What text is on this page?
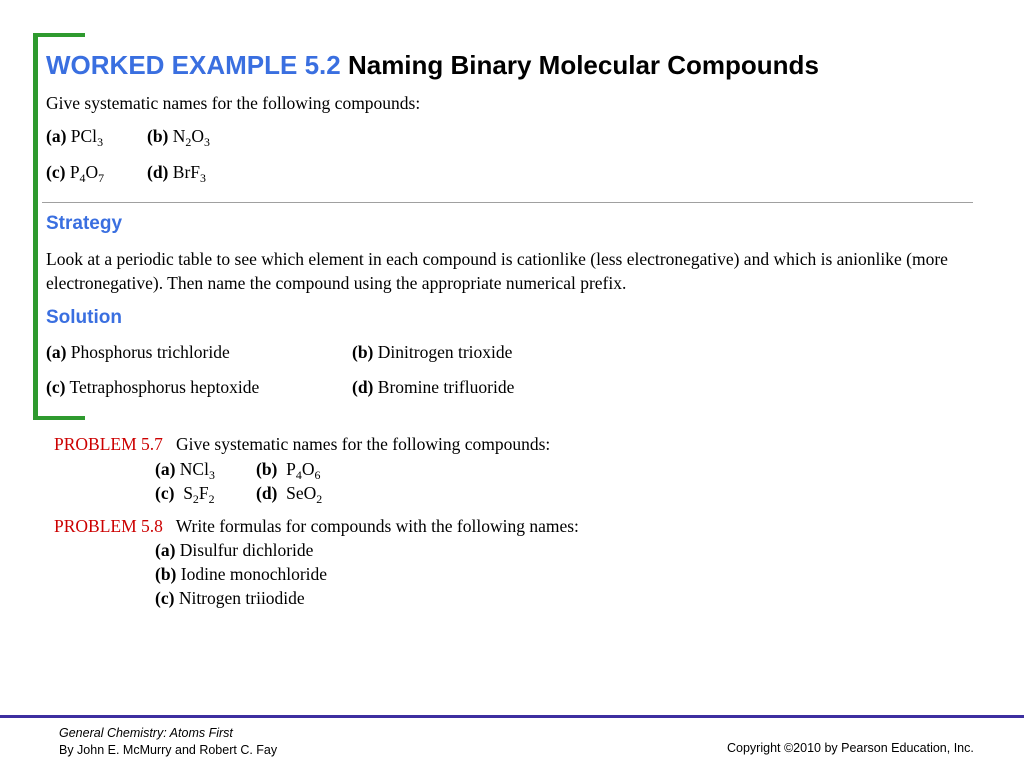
WORKED EXAMPLE 5.2 Naming Binary Molecular Compounds
Give systematic names for the following compounds:
(a) PCl$_3$	(b) $N_2O_3$
(c) $P_4O_7$	(d) BrF$_3$
Strategy
Look at a periodic table to see which element in each compound is cationlike (less electronegative) and which is anionlike (more electronegative). Then name the compound using the appropriate numerical prefix.
Solution
(a) Phosphorus trichloride	(b) Dinitrogen trioxide
(c) Tetraphosphorus heptoxide	(d) Bromine trifluoride
PROBLEM 5.7 Give systematic names for the following compounds:
(a) NCl$_3$	(b) $P_4O_6$
(c) $S_2F_2$	(d) SeO$_2$
PROBLEM 5.8 Write formulas for compounds with the following names:
(a) Disulfur dichloride
(b) Iodine monochloride
(c) Nitrogen triiodide
General Chemistry: Atoms First
By John E. McMurry and Robert C. Fay	Copyright ©2010 by Pearson Education, Inc.
